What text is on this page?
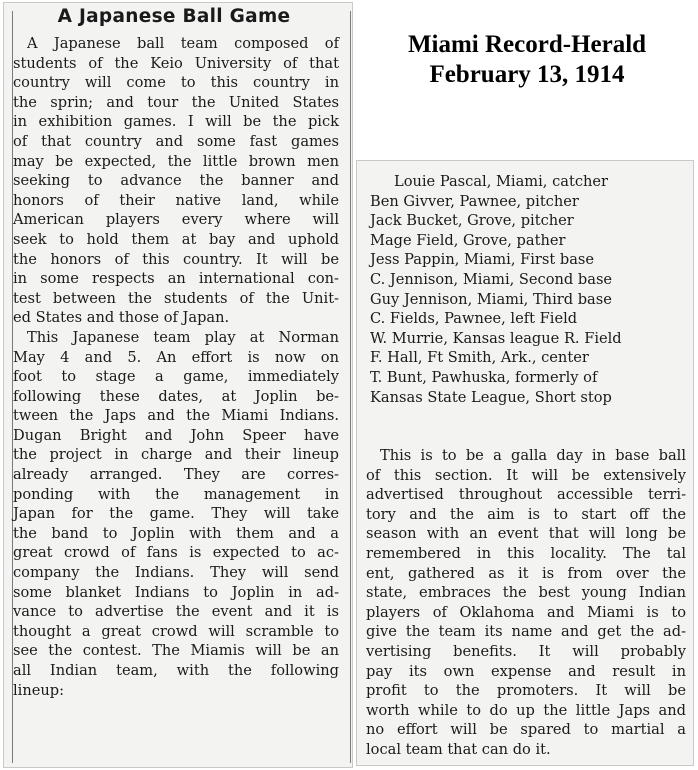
A Japanese Ball Game
A Japanese ball team composed of
students of the Keio University of that
country will come to this country in
the sprin; and tour the United States
in exhibition games. I will be the pick
of that country and some fast games
may be expected, the little brown men
seeking to advance the banner and
honors of their native land, while
American players every where will
seek to hold them at bay and uphold
the honors of this country. It will be
in some respects an international con-
test between the students of the Unit-
ed States and those of Japan.
This Japanese team play at Norman
May 4 and 5. An effort is now on
foot to stage a game, immediately
following these dates, at Joplin be-
tween the Japs and the Miami Indians.
Dugan Bright and John Speer have
the project in charge and their lineup
already arranged. They are corres-
ponding with the management in
Japan for the game. They will take
the band to Joplin with them and a
great crowd of fans is expected to ac-
company the Indians. They will send
some blanket Indians to Joplin in ad-
vance to advertise the event and it is
thought a great crowd will scramble to
see the contest. The Miamis will be an
all Indian team, with the following
lineup:
Miami Record-Herald
February 13, 1914
Louie Pascal, Miami, catcher
Ben Givver, Pawnee, pitcher
Jack Bucket, Grove, pitcher
Mage Field, Grove, pather
Jess Pappin, Miami, First base
C. Jennison, Miami, Second base
Guy Jennison, Miami, Third base
C. Fields, Pawnee, left Field
W. Murrie, Kansas league R. Field
F. Hall, Ft Smith, Ark., center
T. Bunt, Pawhuska, formerly of
Kansas State League, Short stop
This is to be a galla day in base ball
of this section. It will be extensively
advertised throughout accessible terri-
tory and the aim is to start off the
season with an event that will long be
remembered in this locality. The tal
ent, gathered as it is from over the
state, embraces the best young Indian
players of Oklahoma and Miami is to
give the team its name and get the ad-
vertising benefits. It will probably
pay its own expense and result in
profit to the promoters. It will be
worth while to do up the little Japs and
no effort will be spared to martial a
local team that can do it.
